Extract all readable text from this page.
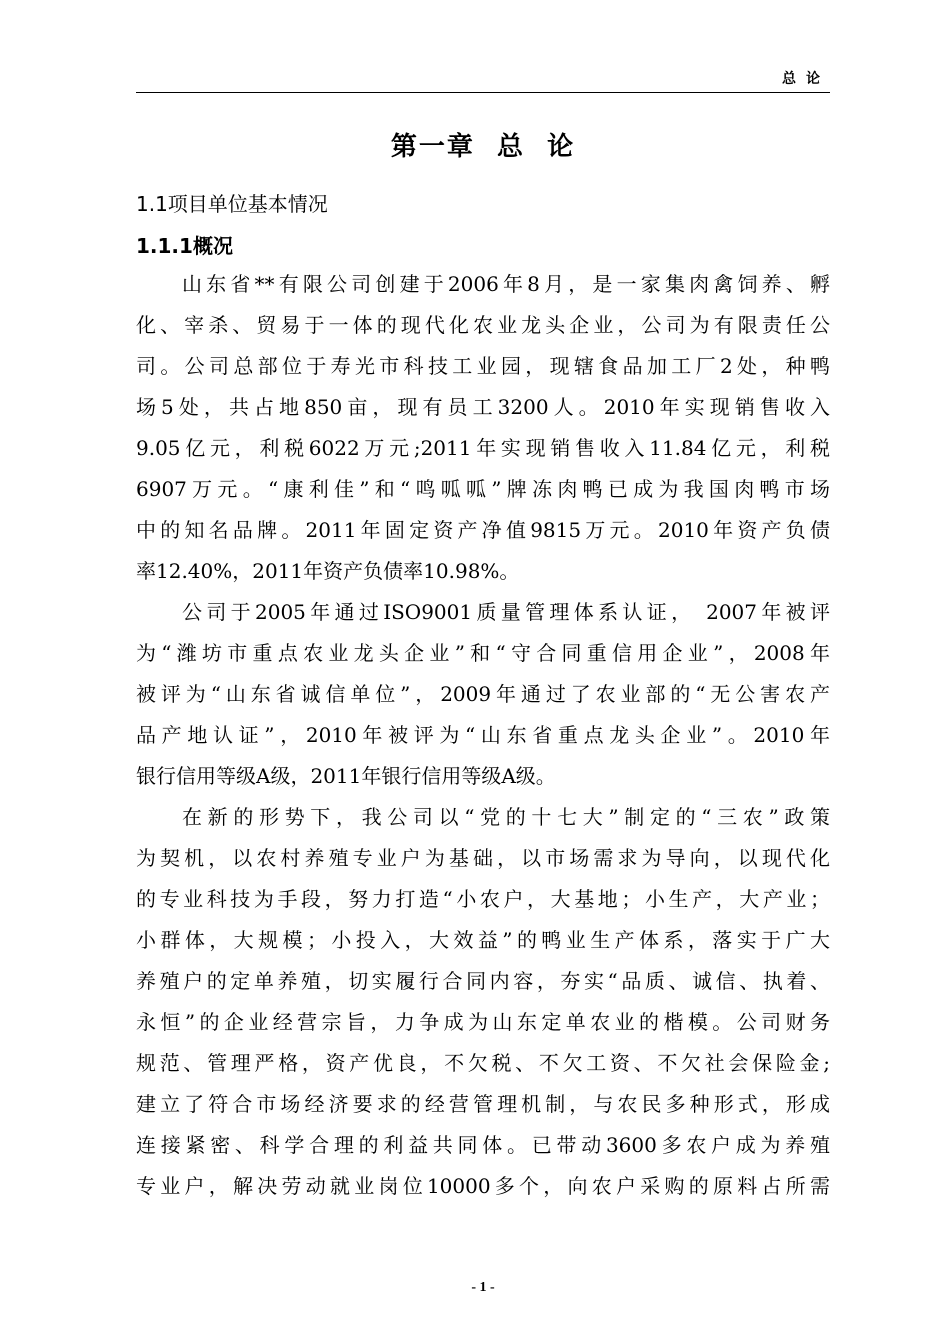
总论
第一章  总  论
1.1项目单位基本情况
1.1.1概况
山东省**有限公司创建于2006年8月，是一家集肉禽饲养、孵
化、宰杀、贸易于一体的现代化农业龙头企业，公司为有限责任公
司。公司总部位于寿光市科技工业园，现辖食品加工厂2处，种鸭
场5处，共占地850亩，现有员工3200人。2010年实现销售收入
9.05亿元，利税6022万元;2011年实现销售收入11.84亿元，利税
6907万元。“康利佳”和“鸣呱呱”牌冻肉鸭已成为我国肉鸭市场
中的知名品牌。2011年固定资产净值9815万元。2010年资产负债
率12.40%，2011年资产负债率10.98%。
公司于2005年通过ISO9001质量管理体系认证， 2007年被评
为“潍坊市重点农业龙头企业”和“守合同重信用企业”，2008年
被评为“山东省诚信单位”，2009年通过了农业部的“无公害农产
品产地认证”，2010年被评为“山东省重点龙头企业”。2010年
银行信用等级A级，2011年银行信用等级A级。
在新的形势下，我公司以“党的十七大”制定的“三农”政策
为契机，以农村养殖专业户为基础，以市场需求为导向，以现代化
的专业科技为手段，努力打造“小农户，大基地；小生产，大产业；
小群体，大规模；小投入，大效益”的鸭业生产体系，落实于广大
养殖户的定单养殖，切实履行合同内容，夯实“品质、诚信、执着、
永恒”的企业经营宗旨，力争成为山东定单农业的楷模。公司财务
规范、管理严格，资产优良，不欠税、不欠工资、不欠社会保险金;
建立了符合市场经济要求的经营管理机制，与农民多种形式，形成
连接紧密、科学合理的利益共同体。已带动3600多农户成为养殖
专业户，解决劳动就业岗位10000多个，向农户采购的原料占所需
- 1 -
